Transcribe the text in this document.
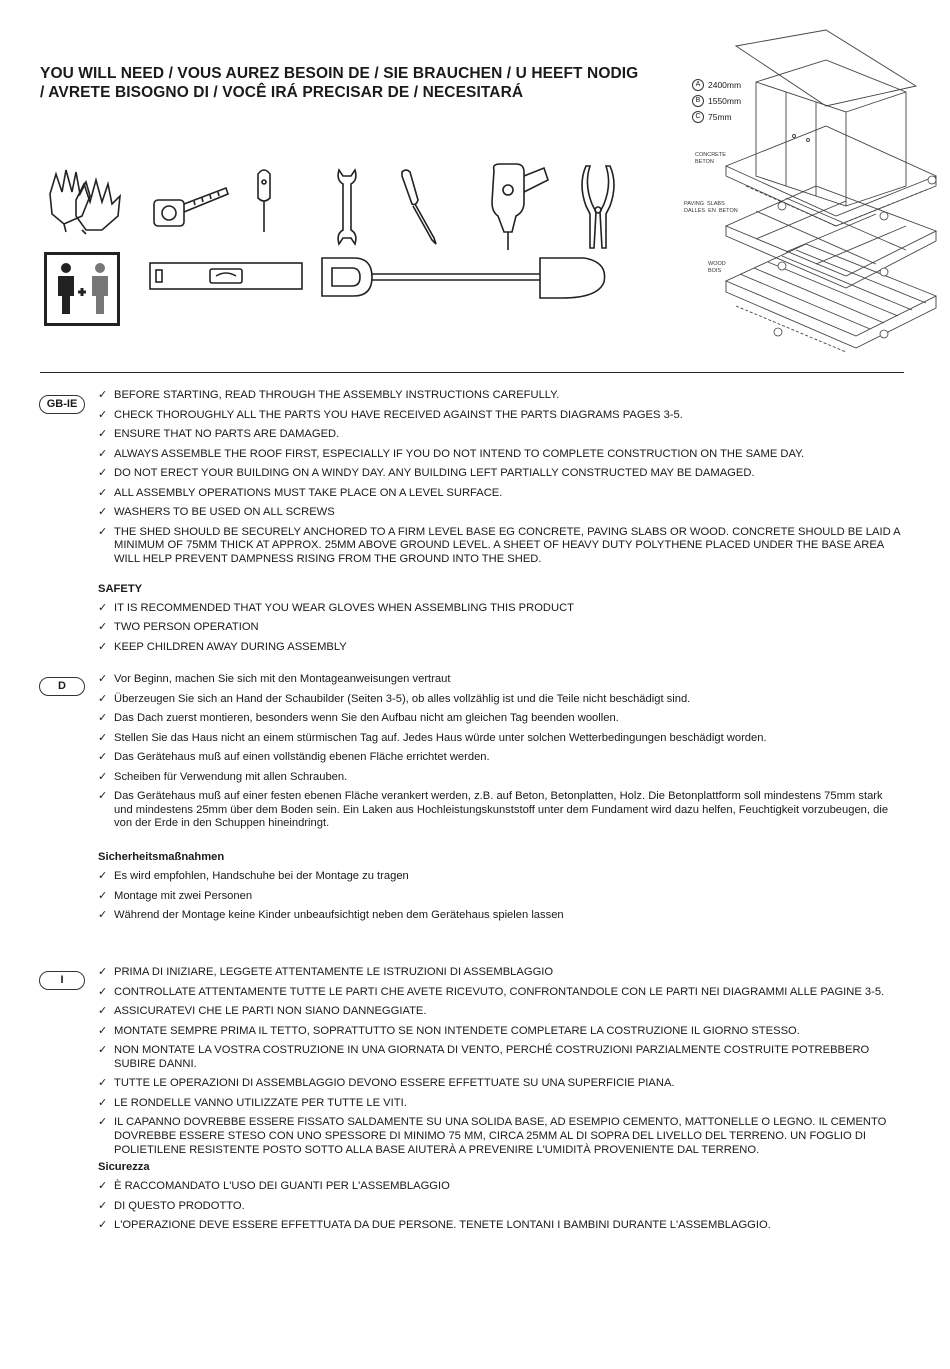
YOU WILL NEED / VOUS AUREZ BESOIN DE / SIE BRAUCHEN / U HEEFT NODIG
/ AVRETE BISOGNO DI / VOCÊ IRÁ PRECISAR DE / NECESITARÁ	A 2400mm
B 1550mm
C 75mm
CONCRETE
BETON
PAVING  SLABS
DALLES  EN  BETON
WOOD
BOIS
GB-IE
✓ BEFORE STARTING, READ THROUGH THE ASSEMBLY INSTRUCTIONS CAREFULLY.
✓ CHECK THOROUGHLY ALL THE PARTS YOU HAVE RECEIVED AGAINST THE PARTS DIAGRAMS PAGES 3-5.
✓ ENSURE THAT NO PARTS ARE DAMAGED.
✓ ALWAYS ASSEMBLE THE ROOF FIRST, ESPECIALLY IF YOU DO NOT INTEND TO COMPLETE CONSTRUCTION ON THE SAME DAY.
✓ DO NOT ERECT YOUR BUILDING ON A WINDY DAY. ANY BUILDING LEFT PARTIALLY CONSTRUCTED MAY BE DAMAGED.
✓ ALL ASSEMBLY OPERATIONS MUST TAKE PLACE ON A LEVEL SURFACE.
✓ WASHERS TO BE USED ON ALL SCREWS
✓ THE SHED SHOULD BE SECURELY ANCHORED TO A FIRM LEVEL BASE EG CONCRETE, PAVING SLABS OR WOOD. CONCRETE SHOULD BE LAID A MINIMUM OF 75MM THICK AT APPROX. 25MM ABOVE GROUND LEVEL. A SHEET OF HEAVY DUTY POLYTHENE PLACED UNDER THE BASE AREA WILL HELP PREVENT DAMPNESS RISING FROM THE GROUND INTO THE SHED.
SAFETY
✓ IT IS RECOMMENDED THAT YOU WEAR GLOVES WHEN ASSEMBLING THIS PRODUCT
✓ TWO PERSON OPERATION
✓ KEEP CHILDREN AWAY DURING ASSEMBLY
D
✓ Vor Beginn, machen Sie sich mit den Montageanweisungen vertraut
✓ Überzeugen Sie sich an Hand der Schaubilder (Seiten 3-5), ob alles vollzählig ist und die Teile nicht beschädigt sind.
✓ Das Dach zuerst montieren, besonders wenn Sie den Aufbau nicht am gleichen Tag beenden woollen.
✓ Stellen Sie das Haus nicht an einem stürmischen Tag auf. Jedes Haus würde unter solchen Wetterbedingungen beschädigt worden.
✓ Das Gerätehaus muß auf einen vollständig ebenen Fläche errichtet werden.
✓ Scheiben für Verwendung mit allen Schrauben.
✓ Das Gerätehaus muß auf einer festen ebenen Fläche verankert werden, z.B. auf Beton, Betonplatten, Holz. Die Betonplattform soll mindestens 75mm stark und mindestens 25mm über dem Boden sein. Ein Laken aus Hochleistungskunststoff unter dem Fundament wird dazu helfen, Feuchtigkeit vorzubeugen, die von der Erde in den Schuppen hineindringt.
Sicherheitsmaßnahmen
✓ Es wird empfohlen, Handschuhe bei der Montage zu tragen
✓ Montage mit zwei Personen
✓ Während der Montage keine Kinder unbeaufsichtigt neben dem Gerätehaus spielen lassen
I
✓ PRIMA DI INIZIARE, LEGGETE ATTENTAMENTE LE ISTRUZIONI DI ASSEMBLAGGIO
✓ CONTROLLATE ATTENTAMENTE TUTTE LE PARTI CHE AVETE RICEVUTO, CONFRONTANDOLE CON LE PARTI NEI DIAGRAMMI ALLE PAGINE 3-5.
✓ ASSICURATEVI CHE LE PARTI NON SIANO DANNEGGIATE.
✓ MONTATE SEMPRE PRIMA IL TETTO, SOPRATTUTTO SE NON INTENDETE COMPLETARE LA COSTRUZIONE IL GIORNO STESSO.
✓ NON MONTATE LA VOSTRA COSTRUZIONE IN UNA GIORNATA DI VENTO, PERCHÉ COSTRUZIONI PARZIALMENTE COSTRUITE POTREBBERO SUBIRE DANNI.
✓ TUTTE LE OPERAZIONI DI ASSEMBLAGGIO DEVONO ESSERE EFFETTUATE SU UNA SUPERFICIE PIANA.
✓ LE RONDELLE VANNO UTILIZZATE PER TUTTE LE VITI.
✓ IL CAPANNO DOVREBBE ESSERE FISSATO SALDAMENTE SU UNA SOLIDA BASE, AD ESEMPIO CEMENTO, MATTONELLE O LEGNO. IL CEMENTO DOVREBBE ESSERE STESO CON UNO SPESSORE DI MINIMO 75 MM, CIRCA 25MM AL DI SOPRA DEL LIVELLO DEL TERRENO. UN FOGLIO DI POLIETILENE RESISTENTE POSTO SOTTO ALLA BASE AIUTERÀ A PREVENIRE L'UMIDITÀ PROVENIENTE DAL TERRENO.
Sicurezza
✓ È RACCOMANDATO L'USO DEI GUANTI PER L'ASSEMBLAGGIO
✓ DI QUESTO PRODOTTO.
✓ L'OPERAZIONE DEVE ESSERE EFFETTUATA DA DUE PERSONE. TENETE LONTANI I BAMBINI DURANTE L'ASSEMBLAGGIO.
